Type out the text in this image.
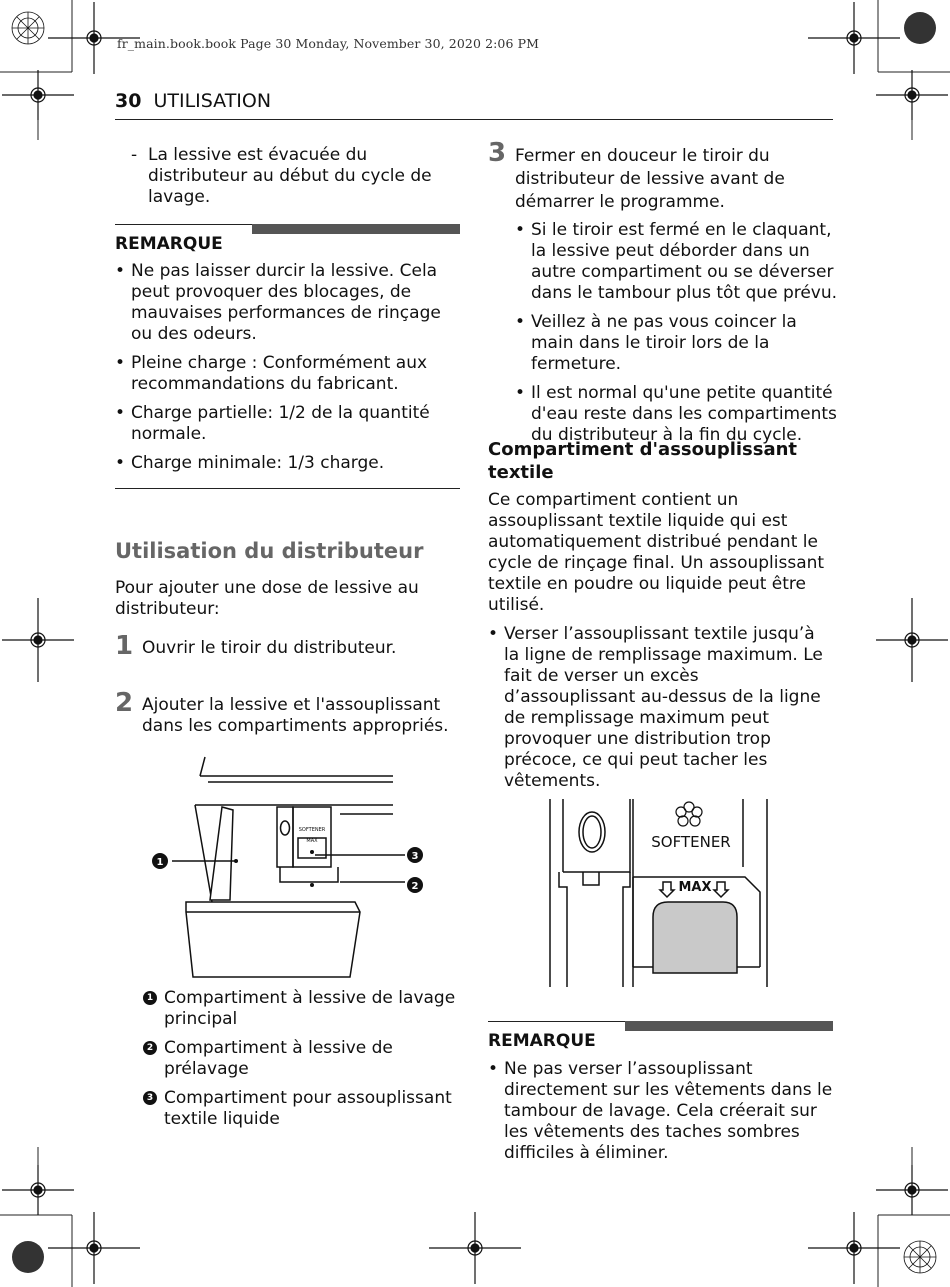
fr_main.book.book Page 30 Monday, November 30, 2020 2:06 PM
30 UTILISATION
- La lessive est évacuée du distributeur au début du cycle de lavage.
REMARQUE
• Ne pas laisser durcir la lessive. Cela peut provoquer des blocages, de mauvaises performances de rinçage ou des odeurs.
• Pleine charge : Conformément aux recommandations du fabricant.
• Charge partielle: 1/2 de la quantité normale.
• Charge minimale: 1/3 charge.
Utilisation du distributeur
Pour ajouter une dose de lessive au distributeur:
1 Ouvrir le tiroir du distributeur.
2 Ajouter la lessive et l'assouplissant dans les compartiments appropriés.
SOFTENER
MAX
1
3
2
1 Compartiment à lessive de lavage principal
2 Compartiment à lessive de prélavage
3 Compartiment pour assouplissant textile liquide
3 Fermer en douceur le tiroir du distributeur de lessive avant de démarrer le programme.
• Si le tiroir est fermé en le claquant, la lessive peut déborder dans un autre compartiment ou se déverser dans le tambour plus tôt que prévu.
• Veillez à ne pas vous coincer la main dans le tiroir lors de la fermeture.
• Il est normal qu'une petite quantité d'eau reste dans les compartiments du distributeur à la fin du cycle.
Compartiment d'assouplissant textile
Ce compartiment contient un assouplissant textile liquide qui est automatiquement distribué pendant le cycle de rinçage final. Un assouplissant textile en poudre ou liquide peut être utilisé.
• Verser l’assouplissant textile jusqu’à la ligne de remplissage maximum. Le fait de verser un excès d’assouplissant au-dessus de la ligne de remplissage maximum peut provoquer une distribution trop précoce, ce qui peut tacher les vêtements.
SOFTENER
MAX
REMARQUE
• Ne pas verser l’assouplissant directement sur les vêtements dans le tambour de lavage. Cela créerait sur les vêtements des taches sombres difficiles à éliminer.
